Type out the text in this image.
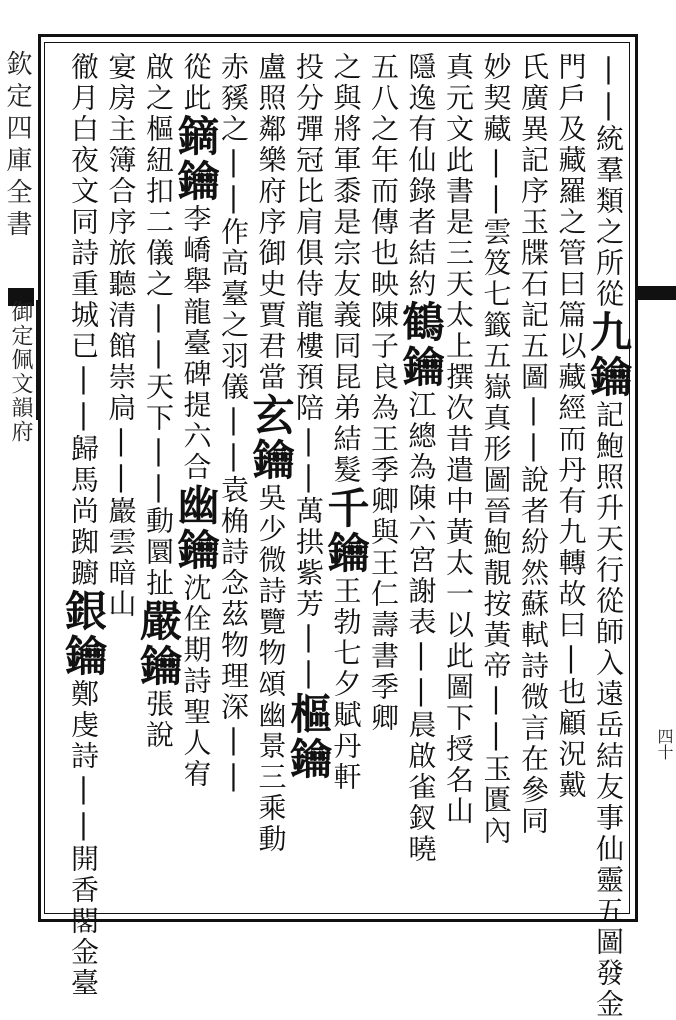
欽定四庫全書
御定佩文韻府
四十
||統羣類之所從九鑰記鮑照升天行從師入遠岳結友事仙靈五圖發金
門戶及藏羅之管曰篇以藏經而丹有九轉故曰|也顧況戴
氏廣異記序玉牒石記五圖||說者紛然蘇軾詩微言在參同
妙契藏||雲笈七籤五嶽真形圖晉鮑靚按黃帝||玉匱內
真元文此書是三天太上撰次昔遣中黃太一以此圖下授名山
隱逸有仙錄者結約鶴鑰江總為陳六宮謝表||晨啟雀釵曉
五八之年而傳也映陳子良為王季卿與王仁壽書季卿
之與將軍黍是宗友義同昆弟結髮千鑰王勃七夕賦丹軒
投分彈冠比肩俱侍龍樓預陪||萬拱紫芳||樞鑰
盧照鄰樂府序御史賈君當玄鑰吳少微詩覽物頌幽景三乘動
赤豯之||作高臺之羽儀||袁桷詩念茲物理深||
從此鏑鑰李嶠舉龍臺碑提六合幽鑰沈佺期詩聖人宥
啟之樞紐扣二儀之||天下||動圜扯嚴鑰張說
宴房主簿合序旅聽清館崇扃||巖雲暗山
徹月白夜文同詩重城已||歸馬尚踟躕銀鑰鄭虔詩||開香閣金臺
